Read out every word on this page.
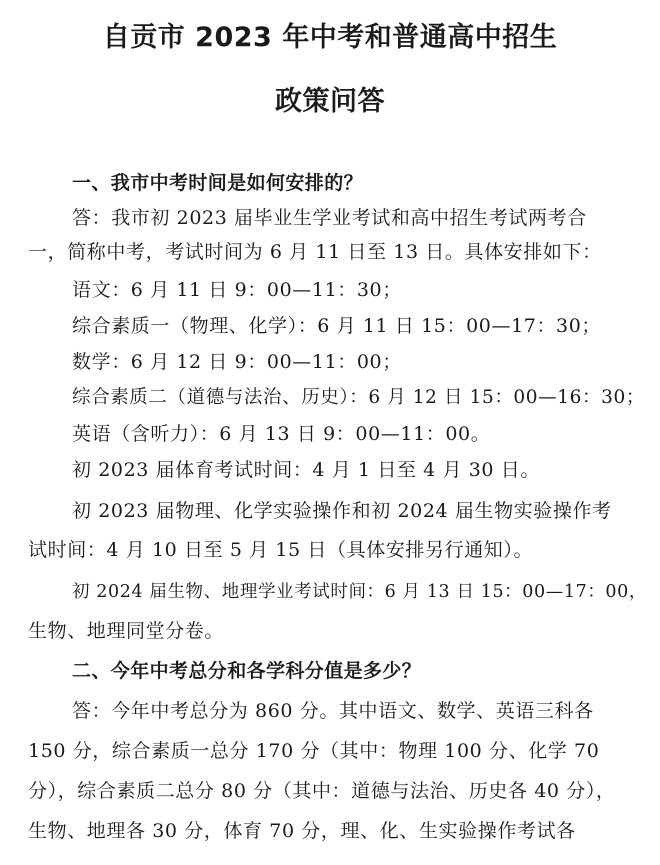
自贡市 2023 年中考和普通高中招生
政策问答
一、我市中考时间是如何安排的？
答：我市初 2023 届毕业生学业考试和高中招生考试两考合
一，简称中考，考试时间为 6 月 11 日至 13 日。具体安排如下：
语文：6 月 11 日 9：00—11：30；
综合素质一（物理、化学）：6 月 11 日 15：00—17：30；
数学：6 月 12 日 9：00—11：00；
综合素质二（道德与法治、历史）：6 月 12 日 15：00—16：30；
英语（含听力）：6 月 13 日 9：00—11：00。
初 2023 届体育考试时间：4 月 1 日至 4 月 30 日。
初 2023 届物理、化学实验操作和初 2024 届生物实验操作考
试时间：4 月 10 日至 5 月 15 日（具体安排另行通知）。
初 2024 届生物、地理学业考试时间：6 月 13 日 15：00—17：00，
生物、地理同堂分卷。
二、今年中考总分和各学科分值是多少？
答：今年中考总分为 860 分。其中语文、数学、英语三科各
150 分，综合素质一总分 170 分（其中：物理 100 分、化学 70
分），综合素质二总分 80 分（其中：道德与法治、历史各 40 分），
生物、地理各 30 分，体育 70 分，理、化、生实验操作考试各
